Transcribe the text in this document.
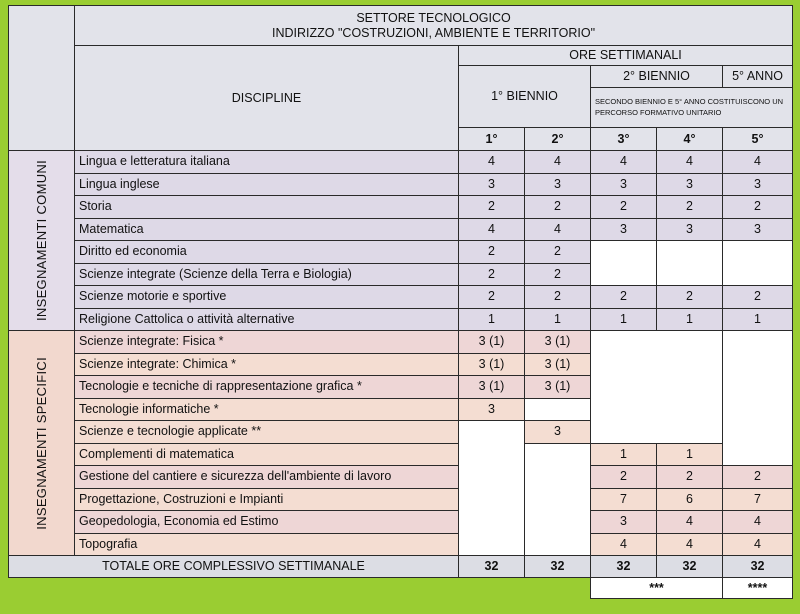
	SETTORE TECNOLOGICO
INDIRIZZO "COSTRUZIONI, AMBIENTE E TERRITORIO"					

	DISCIPLINE	ORE SETTIMANALI				
		1° BIENNIO		2° BIENNIO		5° ANNO
				SECONDO BIENNIO E 5° ANNO COSTITUISCONO UN PERCORSO FORMATIVO UNITARIO		
		1°	2°	3°	4°	5°

INSEGNAMENTI COMUNI	Lingua e letteratura italiana	4	4	4	4	4
	Lingua inglese	3	3	3	3	3
	Storia	2	2	2	2	2
	Matematica	4	4	3	3	3
	Diritto ed economia	2	2			
	Scienze integrate (Scienze della Terra e Biologia)	2	2			
	Scienze motorie e sportive	2	2	2	2	2
	Religione Cattolica o attività alternative	1	1	1	1	1

INSEGNAMENTI SPECIFICI	Scienze integrate: Fisica *	3 (1)	3 (1)			
	Scienze integrate: Chimica *	3 (1)	3 (1)			
	Tecnologie e tecniche di rappresentazione grafica *	3 (1)	3 (1)			
	Tecnologie informatiche *	3				
	Scienze e tecnologie applicate **		3			
	Complementi di matematica			1	1	
	Gestione del cantiere e sicurezza dell'ambiente di lavoro			2	2	2
	Progettazione, Costruzioni e Impianti			7	6	7
	Geopedologia, Economia ed Estimo			3	4	4
	Topografia			4	4	4
TOTALE ORE COMPLESSIVO SETTIMANALE		32	32	32	32	32
				***		****
